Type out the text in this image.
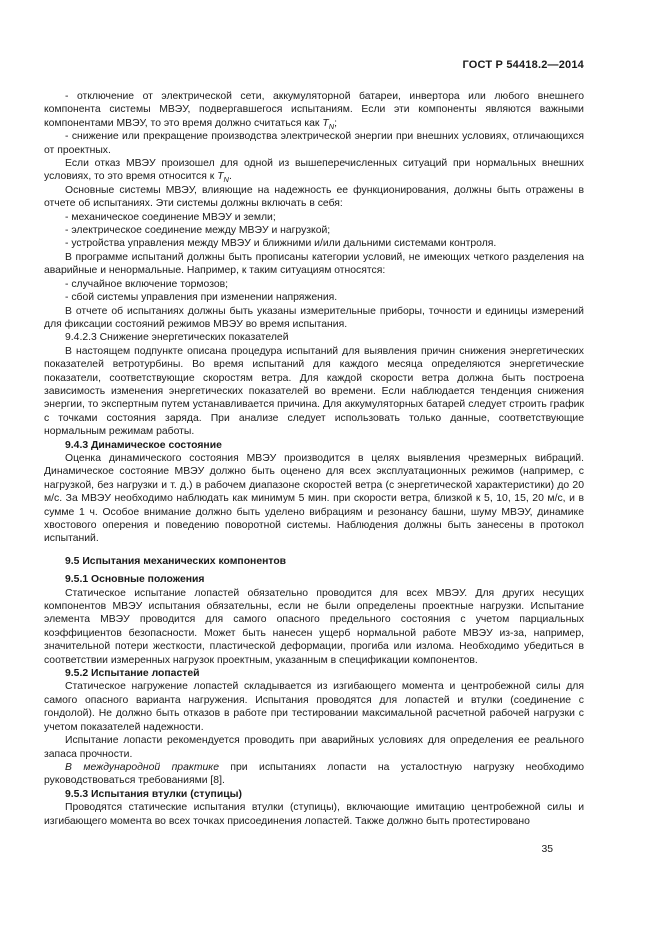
ГОСТ Р 54418.2—2014

- отключение от электрической сети, аккумуляторной батареи, инвертора или любого внешнего компонента системы МВЭУ, подвергавшегося испытаниям. Если эти компоненты являются важными компонентами МВЭУ, то это время должно считаться как $T_N$;

- снижение или прекращение производства электрической энергии при внешних условиях, отличающихся от проектных.

Если отказ МВЭУ произошел для одной из вышеперечисленных ситуаций при нормальных внешних условиях, то это время относится к $T_N$.

Основные системы МВЭУ, влияющие на надежность ее функционирования, должны быть отражены в отчете об испытаниях. Эти системы должны включать в себя:

- механическое соединение МВЭУ и земли;

- электрическое соединение между МВЭУ и нагрузкой;

- устройства управления между МВЭУ и ближними и/или дальними системами контроля.

В программе испытаний должны быть прописаны категории условий, не имеющих четкого разделения на аварийные и ненормальные. Например, к таким ситуациям относятся:

- случайное включение тормозов;

- сбой системы управления при изменении напряжения.

В отчете об испытаниях должны быть указаны измерительные приборы, точности и единицы измерений для фиксации состояний режимов МВЭУ во время испытания.

9.4.2.3 Снижение энергетических показателей

В настоящем подпункте описана процедура испытаний для выявления причин снижения энергетических показателей ветротурбины. Во время испытаний для каждого месяца определяются энергетические показатели, соответствующие скоростям ветра. Для каждой скорости ветра должна быть построена зависимость изменения энергетических показателей во времени. Если наблюдается тенденция снижения энергии, то экспертным путем устанавливается причина. Для аккумуляторных батарей следует строить график с точками состояния заряда. При анализе следует использовать только данные, соответствующие нормальным режимам работы.

9.4.3 Динамическое состояние

Оценка динамического состояния МВЭУ производится в целях выявления чрезмерных вибраций. Динамическое состояние МВЭУ должно быть оценено для всех эксплуатационных режимов (например, с нагрузкой, без нагрузки и т. д.) в рабочем диапазоне скоростей ветра (с энергетической характеристики) до 20 м/с. За МВЭУ необходимо наблюдать как минимум 5 мин. при скорости ветра, близкой к 5, 10, 15, 20 м/с, и в сумме 1 ч. Особое внимание должно быть уделено вибрациям и резонансу башни, шуму МВЭУ, динамике хвостового оперения и поведению поворотной системы. Наблюдения должны быть занесены в протокол испытаний.

9.5 Испытания механических компонентов

9.5.1 Основные положения

Статическое испытание лопастей обязательно проводится для всех МВЭУ. Для других несущих компонентов МВЭУ испытания обязательны, если не были определены проектные нагрузки. Испытание элемента МВЭУ проводится для самого опасного предельного состояния с учетом парциальных коэффициентов безопасности. Может быть нанесен ущерб нормальной работе МВЭУ из-за, например, значительной потери жесткости, пластической деформации, прогиба или излома. Необходимо убедиться в соответствии измеренных нагрузок проектным, указанным в спецификации компонентов.

9.5.2 Испытание лопастей

Статическое нагружение лопастей складывается из изгибающего момента и центробежной силы для самого опасного варианта нагружения. Испытания проводятся для лопастей и втулки (соединение с гондолой). Не должно быть отказов в работе при тестировании максимальной расчетной рабочей нагрузки с учетом показателей надежности.

Испытание лопасти рекомендуется проводить при аварийных условиях для определения ее реального запаса прочности.

В международной практике при испытаниях лопасти на усталостную нагрузку необходимо руководствоваться требованиями [8].

9.5.3 Испытания втулки (ступицы)

Проводятся статические испытания втулки (ступицы), включающие имитацию центробежной силы и изгибающего момента во всех точках присоединения лопастей. Также должно быть протестировано

35
